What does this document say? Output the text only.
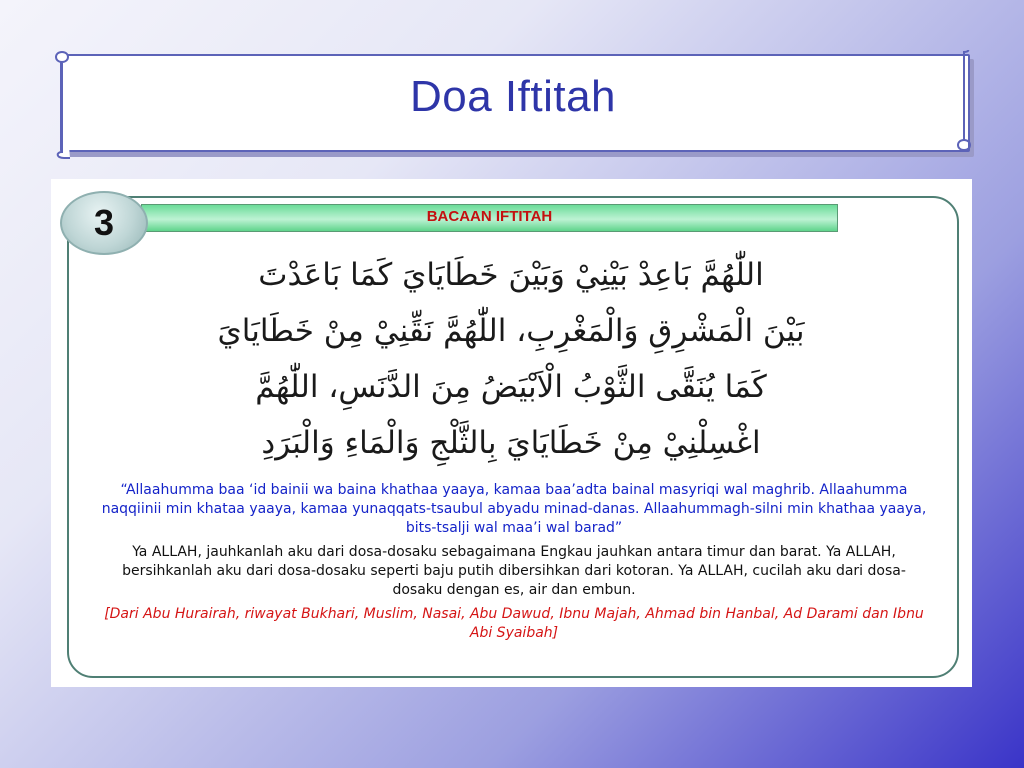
Doa Iftitah
BACAAN IFTITAH
3
اللّٰهُمَّ بَاعِدْ بَيْنِيْ وَبَيْنَ خَطَايَايَ كَمَا بَاعَدْتَ
بَيْنَ الْمَشْرِقِ وَالْمَغْرِبِ، اللّٰهُمَّ نَقِّنِيْ مِنْ خَطَايَايَ
كَمَا يُنَقَّى الثَّوْبُ الْاَبْيَضُ مِنَ الدَّنَسِ، اللّٰهُمَّ
اغْسِلْنِيْ مِنْ خَطَايَايَ بِالثَّلْجِ وَالْمَاءِ وَالْبَرَدِ
“Allaahumma baa ‘id bainii wa baina khathaa yaaya, kamaa baa’adta bainal masyriqi wal maghrib. Allaahumma naqqiinii min khataa yaaya, kamaa yunaqqats-tsaubul abyadu minad-danas. Allaahummagh-silni min khathaa yaaya, bits-tsalji wal maa’i wal barad”
Ya ALLAH, jauhkanlah aku dari dosa-dosaku sebagaimana Engkau jauhkan antara timur dan barat. Ya ALLAH, bersihkanlah aku dari dosa-dosaku seperti baju putih dibersihkan dari kotoran. Ya ALLAH, cucilah aku dari dosa-dosaku dengan es, air dan embun.
[Dari Abu Hurairah, riwayat Bukhari, Muslim, Nasai, Abu Dawud, Ibnu Majah, Ahmad bin Hanbal, Ad Darami dan Ibnu Abi Syaibah]
